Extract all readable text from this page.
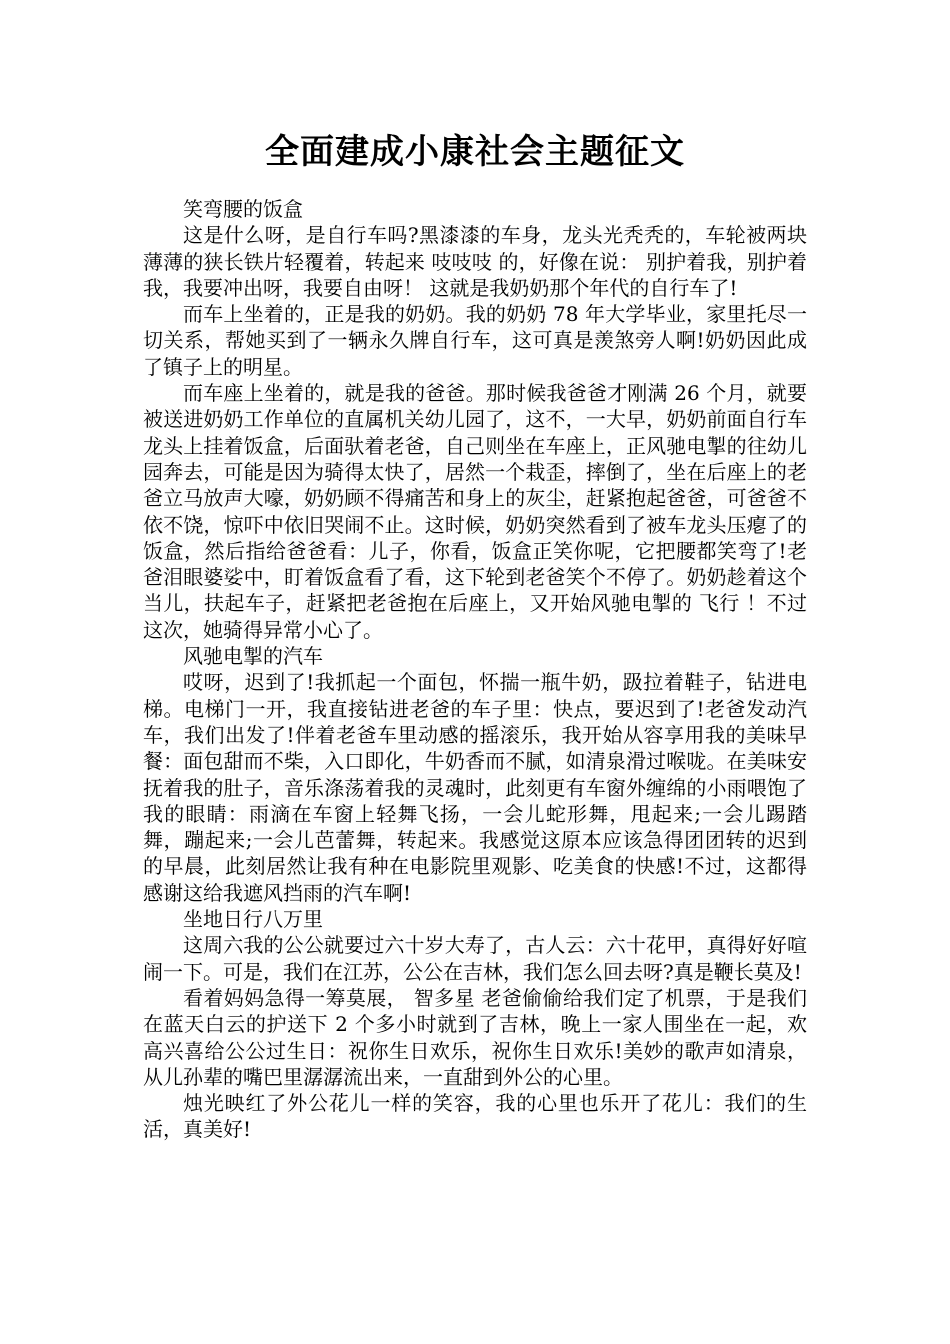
全面建成小康社会主题征文

笑弯腰的饭盒

这是什么呀，是自行车吗?黑漆漆的车身，龙头光秃秃的，车轮被两块薄薄的狭长铁片轻覆着，转起来 吱吱吱 的，好像在说： 别护着我，别护着我，我要冲出呀，我要自由呀！ 这就是我奶奶那个年代的自行车了!

而车上坐着的，正是我的奶奶。我的奶奶 78 年大学毕业，家里托尽一切关系，帮她买到了一辆永久牌自行车，这可真是羡煞旁人啊!奶奶因此成了镇子上的明星。

而车座上坐着的，就是我的爸爸。那时候我爸爸才刚满 26 个月，就要被送进奶奶工作单位的直属机关幼儿园了，这不，一大早，奶奶前面自行车龙头上挂着饭盒，后面驮着老爸，自己则坐在车座上，正风驰电掣的往幼儿园奔去，可能是因为骑得太快了，居然一个栽歪，摔倒了，坐在后座上的老爸立马放声大嚎，奶奶顾不得痛苦和身上的灰尘，赶紧抱起爸爸，可爸爸不依不饶，惊吓中依旧哭闹不止。这时候，奶奶突然看到了被车龙头压瘪了的饭盒，然后指给爸爸看：儿子，你看，饭盒正笑你呢，它把腰都笑弯了!老爸泪眼婆娑中，盯着饭盒看了看，这下轮到老爸笑个不停了。奶奶趁着这个当儿，扶起车子，赶紧把老爸抱在后座上，又开始风驰电掣的 飞行 ！不过这次，她骑得异常小心了。

风驰电掣的汽车

哎呀，迟到了!我抓起一个面包，怀揣一瓶牛奶，趿拉着鞋子，钻进电梯。电梯门一开，我直接钻进老爸的车子里：快点，要迟到了!老爸发动汽车，我们出发了!伴着老爸车里动感的摇滚乐，我开始从容享用我的美味早餐：面包甜而不柴，入口即化，牛奶香而不腻，如清泉滑过喉咙。在美味安抚着我的肚子，音乐涤荡着我的灵魂时，此刻更有车窗外缠绵的小雨喂饱了我的眼睛：雨滴在车窗上轻舞飞扬，一会儿蛇形舞，甩起来;一会儿踢踏舞，蹦起来;一会儿芭蕾舞，转起来。我感觉这原本应该急得团团转的迟到的早晨，此刻居然让我有种在电影院里观影、吃美食的快感!不过，这都得感谢这给我遮风挡雨的汽车啊!

坐地日行八万里

这周六我的公公就要过六十岁大寿了，古人云：六十花甲，真得好好喧闹一下。可是，我们在江苏，公公在吉林，我们怎么回去呀?真是鞭长莫及!

看着妈妈急得一筹莫展， 智多星 老爸偷偷给我们定了机票，于是我们在蓝天白云的护送下 2 个多小时就到了吉林，晚上一家人围坐在一起，欢高兴喜给公公过生日：祝你生日欢乐，祝你生日欢乐!美妙的歌声如清泉，从儿孙辈的嘴巴里潺潺流出来，一直甜到外公的心里。

烛光映红了外公花儿一样的笑容，我的心里也乐开了花儿：我们的生活，真美好!
